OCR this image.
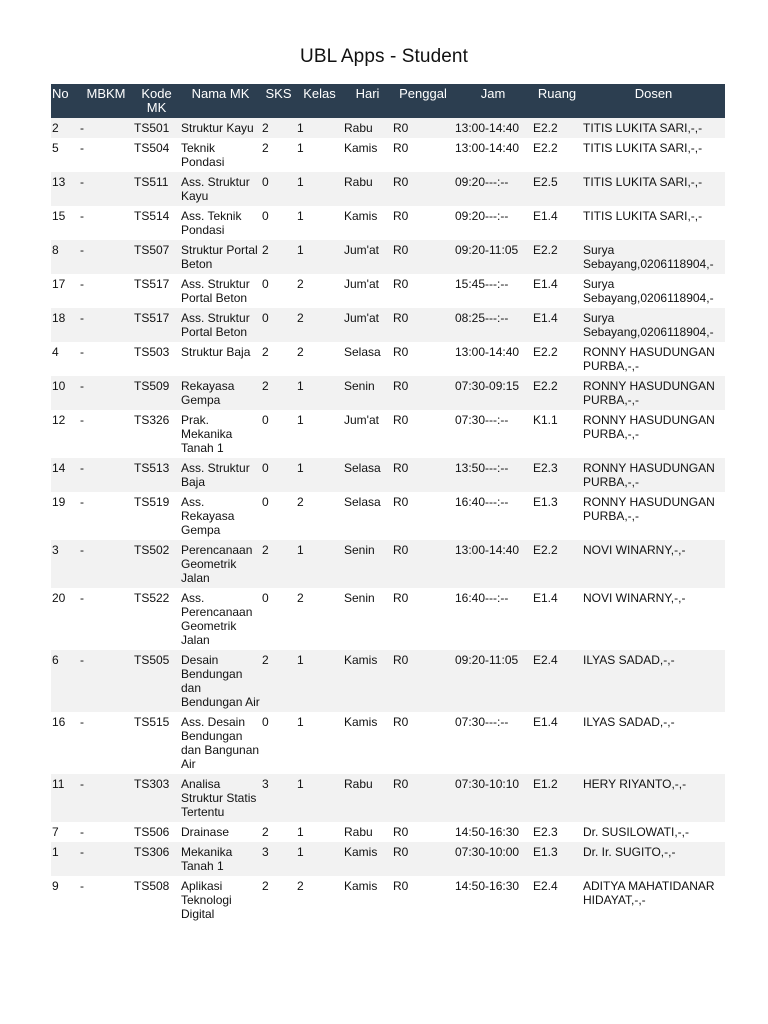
UBL Apps - Student
No	MBKM	Kode MK	Nama MK	SKS	Kelas	Hari	Penggal	Jam	Ruang	Dosen
2	-	TS501	Struktur Kayu	2	1	Rabu	R0	13:00-14:40	E2.2	TITIS LUKITA SARI,-,-
5	-	TS504	Teknik Pondasi	2	1	Kamis	R0	13:00-14:40	E2.2	TITIS LUKITA SARI,-,-
13	-	TS511	Ass. Struktur Kayu	0	1	Rabu	R0	09:20---:--	E2.5	TITIS LUKITA SARI,-,-
15	-	TS514	Ass. Teknik Pondasi	0	1	Kamis	R0	09:20---:--	E1.4	TITIS LUKITA SARI,-,-
8	-	TS507	Struktur Portal Beton	2	1	Jum'at	R0	09:20-11:05	E2.2	Surya Sebayang,0206118904,-
17	-	TS517	Ass. Struktur Portal Beton	0	2	Jum'at	R0	15:45---:--	E1.4	Surya Sebayang,0206118904,-
18	-	TS517	Ass. Struktur Portal Beton	0	2	Jum'at	R0	08:25---:--	E1.4	Surya Sebayang,0206118904,-
4	-	TS503	Struktur Baja	2	2	Selasa	R0	13:00-14:40	E2.2	RONNY HASUDUNGAN PURBA,-,-
10	-	TS509	Rekayasa Gempa	2	1	Senin	R0	07:30-09:15	E2.2	RONNY HASUDUNGAN PURBA,-,-
12	-	TS326	Prak. Mekanika Tanah 1	0	1	Jum'at	R0	07:30---:--	K1.1	RONNY HASUDUNGAN PURBA,-,-
14	-	TS513	Ass. Struktur Baja	0	1	Selasa	R0	13:50---:--	E2.3	RONNY HASUDUNGAN PURBA,-,-
19	-	TS519	Ass. Rekayasa Gempa	0	2	Selasa	R0	16:40---:--	E1.3	RONNY HASUDUNGAN PURBA,-,-
3	-	TS502	Perencanaan Geometrik Jalan	2	1	Senin	R0	13:00-14:40	E2.2	NOVI WINARNY,-,-
20	-	TS522	Ass. Perencanaan Geometrik Jalan	0	2	Senin	R0	16:40---:--	E1.4	NOVI WINARNY,-,-
6	-	TS505	Desain Bendungan dan Bendungan Air	2	1	Kamis	R0	09:20-11:05	E2.4	ILYAS SADAD,-,-
16	-	TS515	Ass. Desain Bendungan dan Bangunan Air	0	1	Kamis	R0	07:30---:--	E1.4	ILYAS SADAD,-,-
11	-	TS303	Analisa Struktur Statis Tertentu	3	1	Rabu	R0	07:30-10:10	E1.2	HERY RIYANTO,-,-
7	-	TS506	Drainase	2	1	Rabu	R0	14:50-16:30	E2.3	Dr. SUSILOWATI,-,-
1	-	TS306	Mekanika Tanah 1	3	1	Kamis	R0	07:30-10:00	E1.3	Dr. Ir. SUGITO,-,-
9	-	TS508	Aplikasi Teknologi Digital	2	2	Kamis	R0	14:50-16:30	E2.4	ADITYA MAHATIDANAR HIDAYAT,-,-
